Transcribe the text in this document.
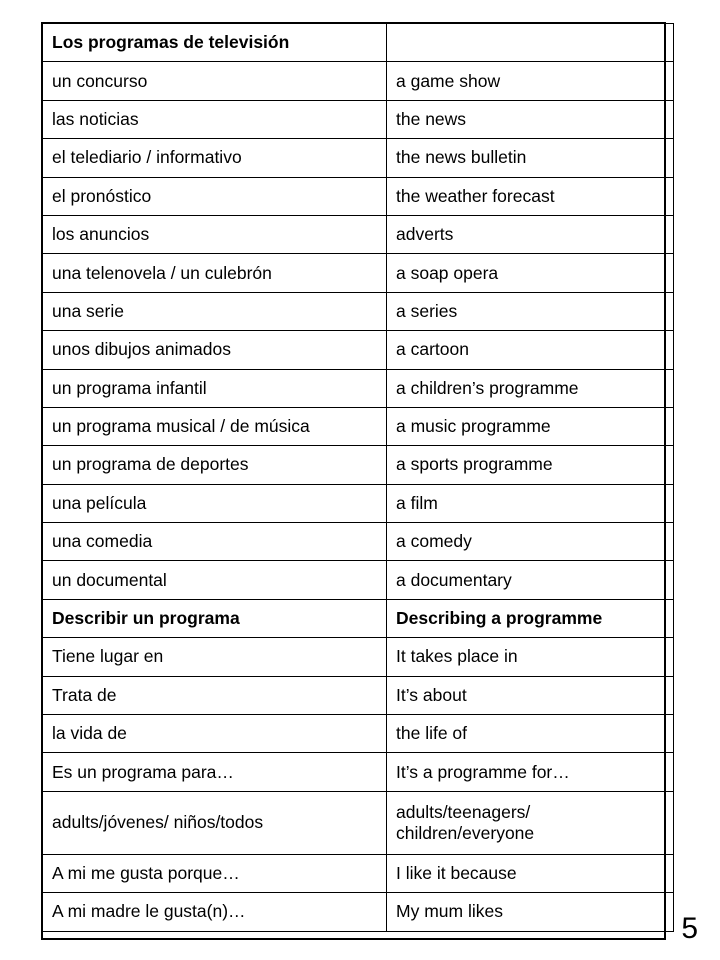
Los programas de televisión	
un concurso	a game show
las noticias	the news
el telediario / informativo	the news bulletin
el pronóstico	the weather forecast
los anuncios	adverts
una telenovela / un culebrón	a soap opera
una serie	a series
unos dibujos animados	a cartoon
un programa infantil	a children’s programme
un programa musical / de música	a music programme
un programa de deportes	a sports programme
una película	a film
una comedia	a comedy
un documental	a documentary
Describir un programa	Describing a programme
Tiene lugar en	It takes place in
Trata de	It’s about
la vida de	the life of
Es un programa para…	It’s a programme for…
adults/jóvenes/ niños/todos	adults/teenagers/ children/everyone
A mi me gusta porque…	I like it because
A mi madre le gusta(n)…	My mum likes
5
